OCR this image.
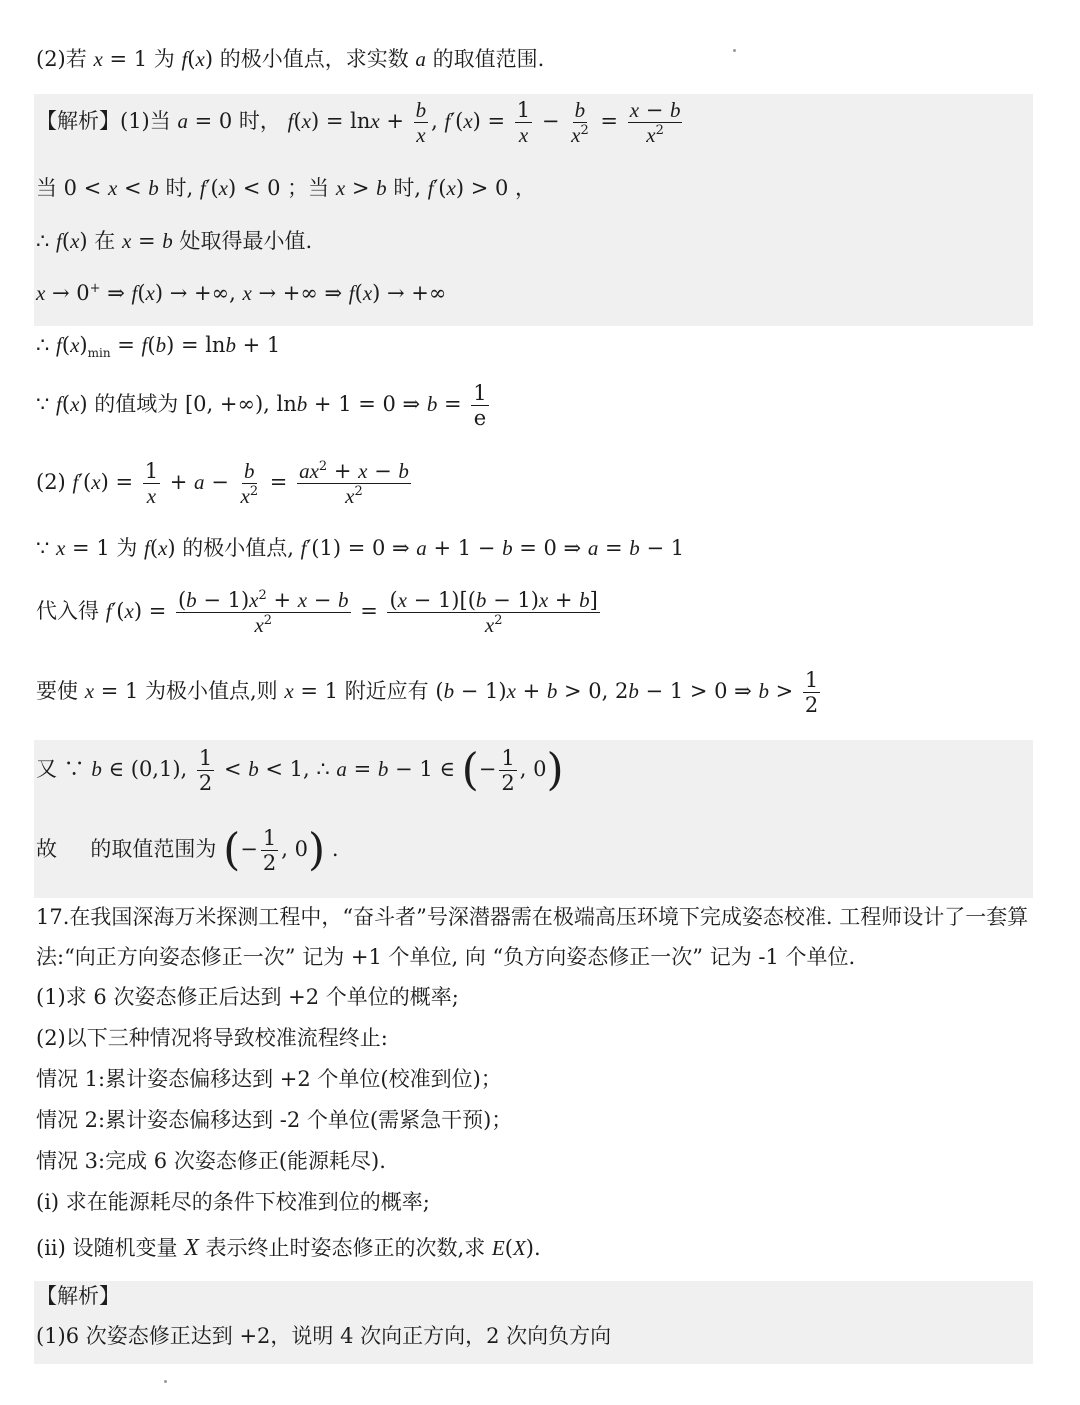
(2)若 x = 1 为 f(x) 的极小值点，求实数 a 的取值范围.
【解析】(1)当 a = 0 时， $f(x) = \ln x + \frac{b}{x}$ , $f'(x) = \frac{1}{x} - \frac{b}{x^2} = \frac{x - b}{x^2}$
当 0 < x < b 时, f′(x) < 0 ；当 x > b 时, f′(x) > 0 ，
∴ f(x) 在 x = b 处取得最小值.
x → 0+ ⇒ f(x) → +∞, x → +∞ ⇒ f(x) → +∞
∴ $f(x)_{min} = f(b) = \ln b + 1$
∵ f(x) 的值域为 [0, +∞), lnb + 1 = 0 ⇒ $b = \frac{1}{e}$
(2) $f'(x) = \frac{1}{x} + a - \frac{b}{x^2} = \frac{ax^2 + x - b}{x^2}$
∵ x = 1 为 f(x) 的极小值点, f′(1) = 0 ⇒ a + 1 − b = 0 ⇒ a = b − 1
代入得 $f'(x) = \frac{(b - 1)x^2 + x - b}{x^2} = \frac{(x - 1)[(b - 1)x + b]}{x^2}$
要使 x = 1 为极小值点,则 x = 1 附近应有 (b − 1)x + b > 0, 2b − 1 > 0 ⇒ $b > \frac{1}{2}$
又 ∵ b ∈ (0,1), $\frac{1}{2} < b < 1$, ∴ a = b − 1 ∈ (− $\frac{1}{2}$ , 0)
故 的取值范围为 (− $\frac{1}{2}$ , 0) .
17.在我国深海万米探测工程中，“奋斗者”号深潜器需在极端高压环境下完成姿态校准. 工程师设计了一套算
法:“向正方向姿态修正一次” 记为 +1 个单位, 向 “负方向姿态修正一次” 记为 -1 个单位.
(1)求 6 次姿态修正后达到 +2 个单位的概率;
(2)以下三种情况将导致校准流程终止:
情况 1:累计姿态偏移达到 +2 个单位(校准到位)；
情况 2:累计姿态偏移达到 -2 个单位(需紧急干预)；
情况 3:完成 6 次姿态修正(能源耗尽).
(i) 求在能源耗尽的条件下校准到位的概率;
(ii) 设随机变量 X 表示终止时姿态修正的次数,求 E(X).
【解析】
(1)6 次姿态修正达到 +2，说明 4 次向正方向，2 次向负方向
